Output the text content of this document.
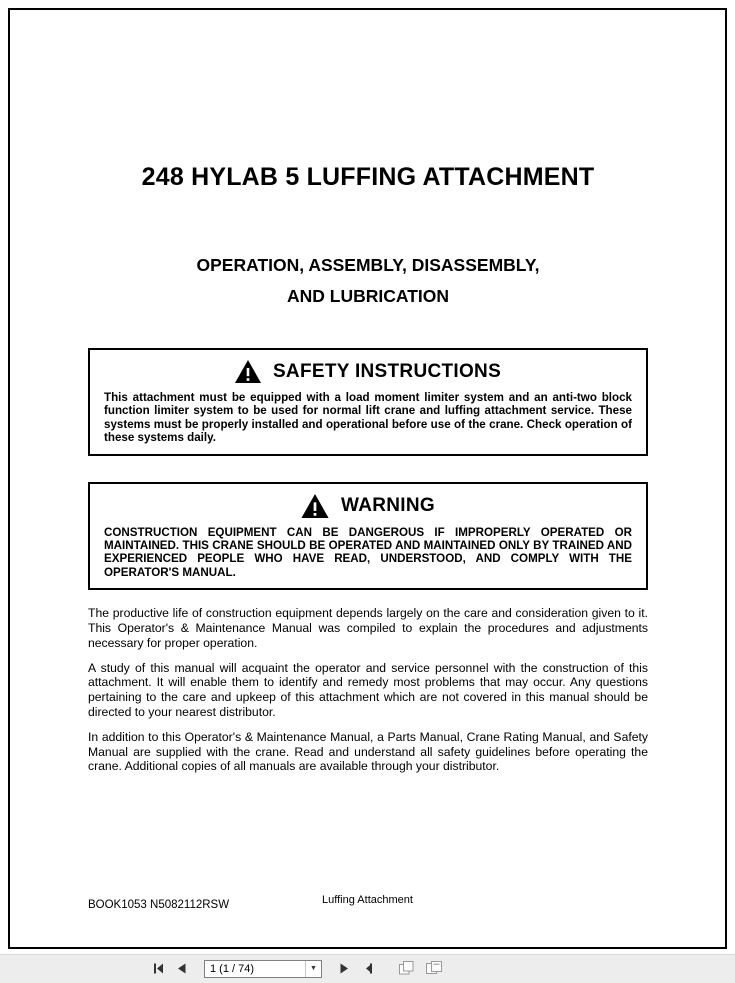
248 HYLAB 5 LUFFING ATTACHMENT
OPERATION, ASSEMBLY, DISASSEMBLY,
AND LUBRICATION
SAFETY INSTRUCTIONS

This attachment must be equipped with a load moment limiter system and an anti-two block function limiter system to be used for normal lift crane and luffing attachment service. These systems must be properly installed and operational before use of the crane. Check operation of these systems daily.

WARNING

CONSTRUCTION EQUIPMENT CAN BE DANGEROUS IF IMPROPERLY OPERATED OR MAINTAINED. THIS CRANE SHOULD BE OPERATED AND MAINTAINED ONLY BY TRAINED AND EXPERIENCED PEOPLE WHO HAVE READ, UNDERSTOOD, AND COMPLY WITH THE OPERATOR'S MANUAL.

The productive life of construction equipment depends largely on the care and consideration given to it. This Operator's & Maintenance Manual was compiled to explain the procedures and adjustments necessary for proper operation.

A study of this manual will acquaint the operator and service personnel with the construction of this attachment. It will enable them to identify and remedy most problems that may occur. Any questions pertaining to the care and upkeep of this attachment which are not covered in this manual should be directed to your nearest distributor.

In addition to this Operator's & Maintenance Manual, a Parts Manual, Crane Rating Manual, and Safety Manual are supplied with the crane. Read and understand all safety guidelines before operating the crane. Additional copies of all manuals are available through your distributor.

BOOK1053 N5082112RSW	Luffing Attachment
1 (1 / 74)	▼
